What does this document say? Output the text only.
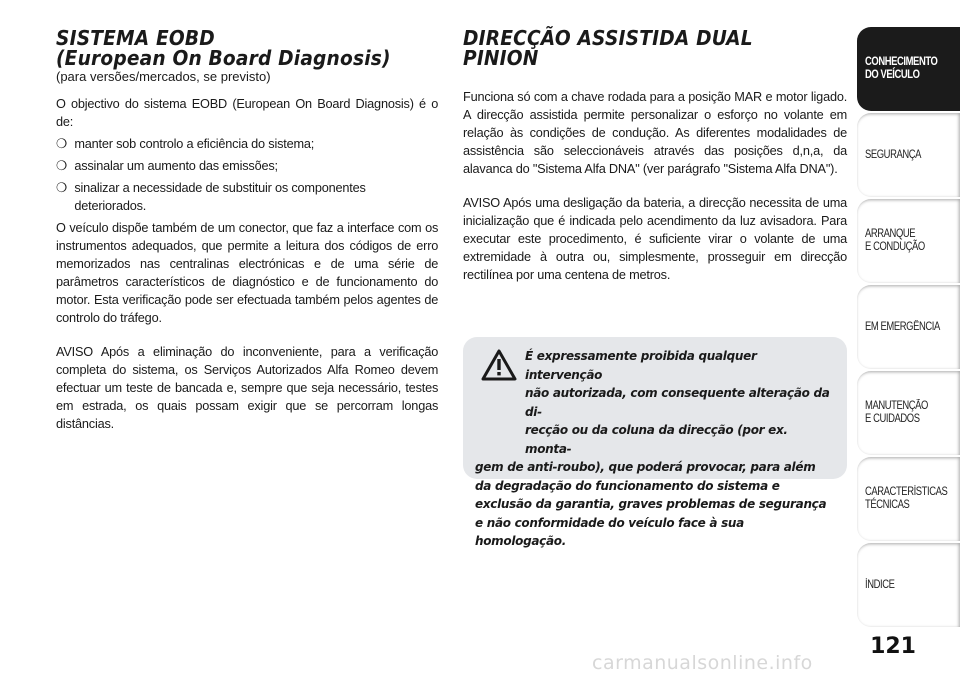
SISTEMA EOBD
(European On Board Diagnosis)
(para versões/mercados, se previsto)

O objectivo do sistema EOBD (European On Board Diagnosis) é o de:

❍ manter sob controlo a eficiência do sistema;
❍ assinalar um aumento das emissões;
❍ sinalizar a necessidade de substituir os componentes deteriorados.

O veículo dispõe também de um conector, que faz a interface com os instrumentos adequados, que permite a leitura dos códigos de erro memorizados nas centralinas electrónicas e de uma série de parâmetros característicos de diagnóstico e de funcionamento do motor. Esta verificação pode ser efectuada também pelos agentes de controlo do tráfego.

AVISO Após a eliminação do inconveniente, para a verificação completa do sistema, os Serviços Autorizados Alfa Romeo devem efectuar um teste de bancada e, sempre que seja necessário, testes em estrada, os quais possam exigir que se percorram longas distâncias.

DIRECÇÃO ASSISTIDA DUAL PINION

Funciona só com a chave rodada para a posição MAR e motor ligado. A direcção assistida permite personalizar o esforço no volante em relação às condições de condução. As diferentes modalidades de assistência são seleccionáveis através das posições d,n,a, da alavanca do "Sistema Alfa DNA" (ver parágrafo "Sistema Alfa DNA").

AVISO Após uma desligação da bateria, a direcção necessita de uma inicialização que é indicada pelo acendimento da luz avisadora. Para executar este procedimento, é suficiente virar o volante de uma extremidade à outra ou, simplesmente, prosseguir em direcção rectilínea por uma centena de metros.

É expressamente proibida qualquer intervenção
não autorizada, com consequente alteração da di-
recção ou da coluna da direcção (por ex. monta-
gem de anti-roubo), que poderá provocar, para além da degradação do funcionamento do sistema e exclusão da garantia, graves problemas de segurança e não conformidade do veículo face à sua homologação.
CONHECIMENTO
DO VEÍCULO
SEGURANÇA
ARRANQUE
E CONDUÇÃO
EM EMERGÊNCIA
MANUTENÇÃO
E CUIDADOS
CARACTERÍSTICAS
TÉCNICAS
ÍNDICE
121
carmanualsonline.info
